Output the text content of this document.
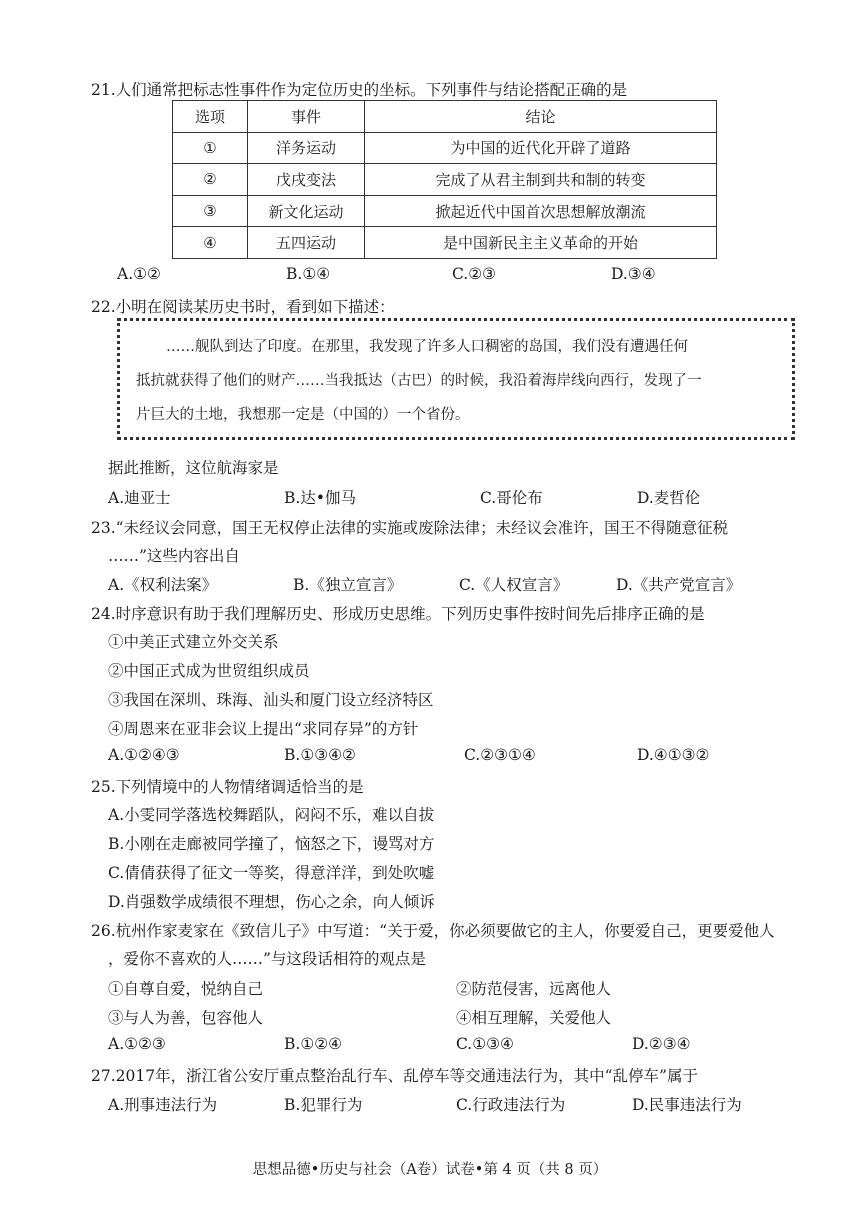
21.人们通常把标志性事件作为定位历史的坐标。下列事件与结论搭配正确的是
选项	事件	结论
①	洋务运动	为中国的近代化开辟了道路
②	戊戌变法	完成了从君主制到共和制的转变
③	新文化运动	掀起近代中国首次思想解放潮流
④	五四运动	是中国新民主主义革命的开始
A.①②	B.①④	C.②③	D.③④
22.小明在阅读某历史书时，看到如下描述：
……舰队到达了印度。在那里，我发现了许多人口稠密的岛国，我们没有遭遇任何
抵抗就获得了他们的财产……当我抵达（古巴）的时候，我沿着海岸线向西行，发现了一
片巨大的土地，我想那一定是（中国的）一个省份。
据此推断，这位航海家是
A.迪亚士	B.达•伽马	C.哥伦布	D.麦哲伦
23.“未经议会同意，国王无权停止法律的实施或废除法律；未经议会准许，国王不得随意征税
……”这些内容出自
A.《权利法案》	B.《独立宣言》	C.《人权宣言》	D.《共产党宣言》
24.时序意识有助于我们理解历史、形成历史思维。下列历史事件按时间先后排序正确的是
①中美正式建立外交关系
②中国正式成为世贸组织成员
③我国在深圳、珠海、汕头和厦门设立经济特区
④周恩来在亚非会议上提出“求同存异”的方针
A.①②④③	B.①③④②	C.②③①④	D.④①③②
25.下列情境中的人物情绪调适恰当的是
A.小雯同学落选校舞蹈队，闷闷不乐，难以自拔
B.小刚在走廊被同学撞了，恼怒之下，谩骂对方
C.倩倩获得了征文一等奖，得意洋洋，到处吹嘘
D.肖强数学成绩很不理想，伤心之余，向人倾诉
26.杭州作家麦家在《致信儿子》中写道：“关于爱，你必须要做它的主人，你要爱自己，更要爱他人
，爱你不喜欢的人……”与这段话相符的观点是
①自尊自爱，悦纳自己	②防范侵害，远离他人
③与人为善，包容他人	④相互理解，关爱他人
A.①②③	B.①②④	C.①③④	D.②③④
27.2017年，浙江省公安厅重点整治乱行车、乱停车等交通违法行为，其中“乱停车”属于
A.刑事违法行为	B.犯罪行为	C.行政违法行为	D.民事违法行为
思想品德•历史与社会（A卷）试卷•第 4 页（共 8 页）
